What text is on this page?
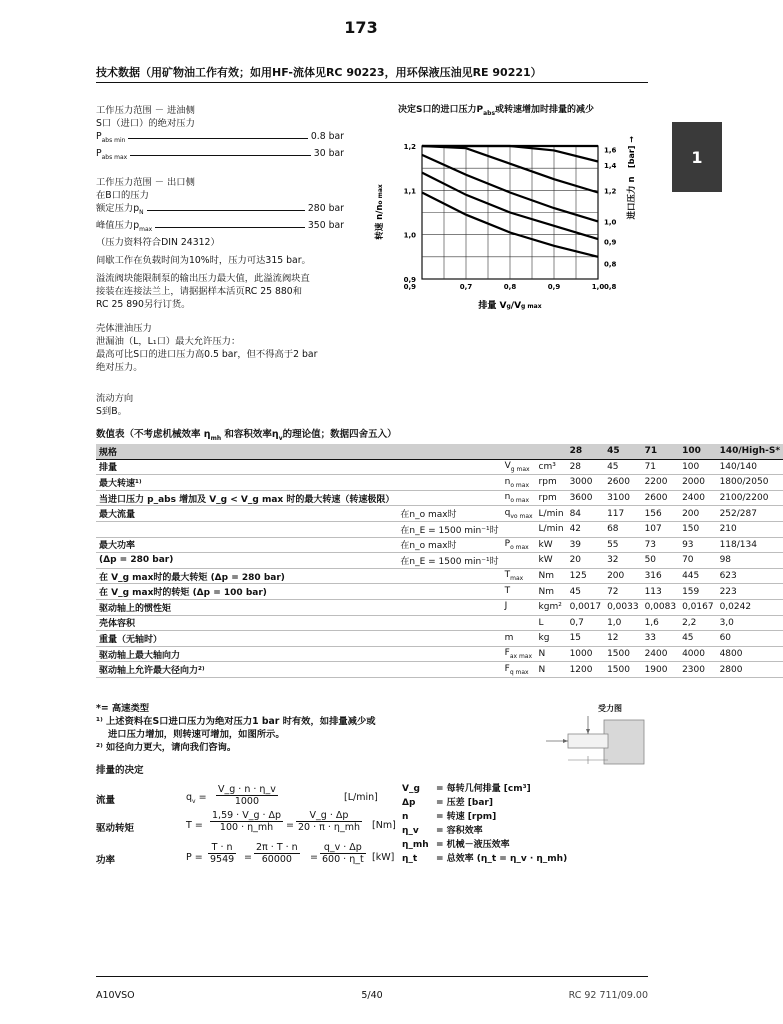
173
技术数据（用矿物油工作有效；如用HF-流体见RC 90223，用环保液压油见RE 90221）
1
工作压力范围 － 进油侧
S口（进口）的绝对压力
$P_{abs min}$	0.8 bar
$P_{abs max}$	30 bar
工作压力范围 － 出口侧
在B口的压力
额定压力$p_N$	280 bar
峰值压力$p_{max}$	350 bar
（压力资料符合DIN 24312）
间歇工作在负载时间为10%时，压力可达315 bar。
溢流阀块能限制泵的输出压力最大值，此溢流阀块直
接装在连接法兰上，请据据样本活页RC 25 880和
RC 25 890另行订货。
壳体泄油压力
泄漏油（L，L₁口）最大允许压力：
最高可比S口的进口压力高0.5 bar，但不得高于2 bar
绝对压力。
流动方向
S到B。
决定S口的进口压力$P_{abs}$或转速增加时排量的减少
0,7	0,8	0,9	1,0
0,9
1,0
1,1
1,2	1,6
1,4
1,2
1,0
0,9
0,8
0,9	0,8
转速 n/no max	进口压力 n
[bar] →
排量 Vg/Vg max
数值表（不考虑机械效率 $\eta_{mh}$ 和容积效率$\eta_v$的理论值；数据四舍五入）
规格				28	45	71	100	140/High-S*
排量		$V_{g max}$	cm³	28	45	71	100	140/140
最大转速¹⁾		$n_{o max}$	rpm	3000	2600	2200	2000	1800/2050
当进口压力 p_abs 增加及 V_g < V_g max 时的最大转速（转速极限）		$n_{o max}$	rpm	3600	3100	2600	2400	2100/2200
最大流量	在n_o max时	$q_{vo max}$	L/min	84	117	156	200	252/287
	在n_E = 1500 min⁻¹时		L/min	42	68	107	150	210
最大功率	在n_o max时	$P_{o max}$	kW	39	55	73	93	118/134
(Δp = 280 bar)	在n_E = 1500 min⁻¹时		kW	20	32	50	70	98
在 V_g max时的最大转矩 (Δp = 280 bar)		$T_{max}$	Nm	125	200	316	445	623
在 V_g max时的转矩 (Δp = 100 bar)		T	Nm	45	72	113	159	223
驱动轴上的惯性矩		J	kgm²	0,0017	0,0033	0,0083	0,0167	0,0242
壳体容积			L	0,7	1,0	1,6	2,2	3,0
重量（无轴时）		m	kg	15	12	33	45	60
驱动轴上最大轴向力		$F_{ax max}$	N	1000	1500	2400	4000	4800
驱动轴上允许最大径向力²⁾		$F_{q max}$	N	1200	1500	1900	2300	2800
*= 高速类型
¹⁾ 上述资料在S口进口压力为绝对压力1 bar 时有效，如排量减少或
进口压力增加，则转速可增加，如图所示。
²⁾ 如径向力更大，请向我们咨询。
受力图
排量的决定
流量	$q_v = \frac{V\_g \cdot n \cdot \eta\_v}{1000}$	[L/min]
驱动转矩	$T = \frac{1,59 \cdot V\_g \cdot \Delta p}{100 \cdot \eta\_mh} = \frac{V\_g \cdot \Delta p}{20 \cdot \pi \cdot \eta\_mh} [Nm]$
功率	$P = \frac{T \cdot n}{9549} = \frac{2\pi \cdot T \cdot n}{60000} = \frac{q\_v \cdot \Delta p}{600 \cdot \eta\_t} [kW]$
V_g = 每转几何排量 [cm³]
Δp = 压差 [bar]
n	= 转速 [rpm]
η_v = 容积效率
η_mh = 机械－液压效率
η_t = 总效率 (η_t = η_v · η_mh)
A10VSO	5/40	RC 92 711/09.00
